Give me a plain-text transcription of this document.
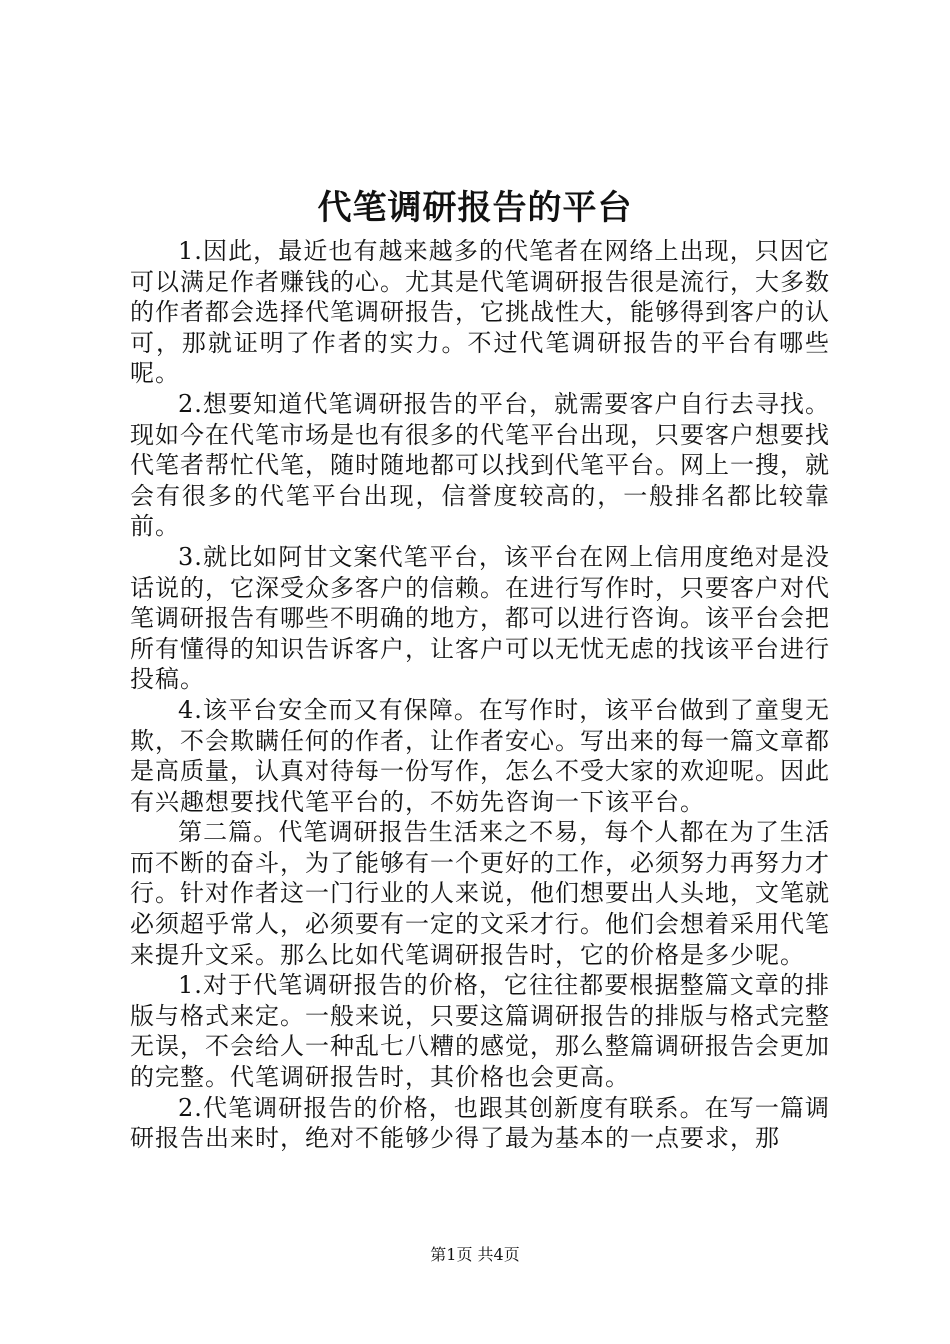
代笔调研报告的平台

1.因此，最近也有越来越多的代笔者在网络上出现，只因它可以满足作者赚钱的心。尤其是代笔调研报告很是流行，大多数的作者都会选择代笔调研报告，它挑战性大，能够得到客户的认可，那就证明了作者的实力。不过代笔调研报告的平台有哪些呢。

2.想要知道代笔调研报告的平台，就需要客户自行去寻找。现如今在代笔市场是也有很多的代笔平台出现，只要客户想要找代笔者帮忙代笔，随时随地都可以找到代笔平台。网上一搜，就会有很多的代笔平台出现，信誉度较高的，一般排名都比较靠前。

3.就比如阿甘文案代笔平台，该平台在网上信用度绝对是没话说的，它深受众多客户的信赖。在进行写作时，只要客户对代笔调研报告有哪些不明确的地方，都可以进行咨询。该平台会把所有懂得的知识告诉客户，让客户可以无忧无虑的找该平台进行投稿。

4.该平台安全而又有保障。在写作时，该平台做到了童叟无欺，不会欺瞒任何的作者，让作者安心。写出来的每一篇文章都是高质量，认真对待每一份写作，怎么不受大家的欢迎呢。因此有兴趣想要找代笔平台的，不妨先咨询一下该平台。

第二篇。代笔调研报告生活来之不易，每个人都在为了生活而不断的奋斗，为了能够有一个更好的工作，必须努力再努力才行。针对作者这一门行业的人来说，他们想要出人头地，文笔就必须超乎常人，必须要有一定的文采才行。他们会想着采用代笔来提升文采。那么比如代笔调研报告时，它的价格是多少呢。

1.对于代笔调研报告的价格，它往往都要根据整篇文章的排版与格式来定。一般来说，只要这篇调研报告的排版与格式完整无误，不会给人一种乱七八糟的感觉，那么整篇调研报告会更加的完整。代笔调研报告时，其价格也会更高。

2.代笔调研报告的价格，也跟其创新度有联系。在写一篇调研报告出来时，绝对不能够少得了最为基本的一点要求，那

第1页 共4页
